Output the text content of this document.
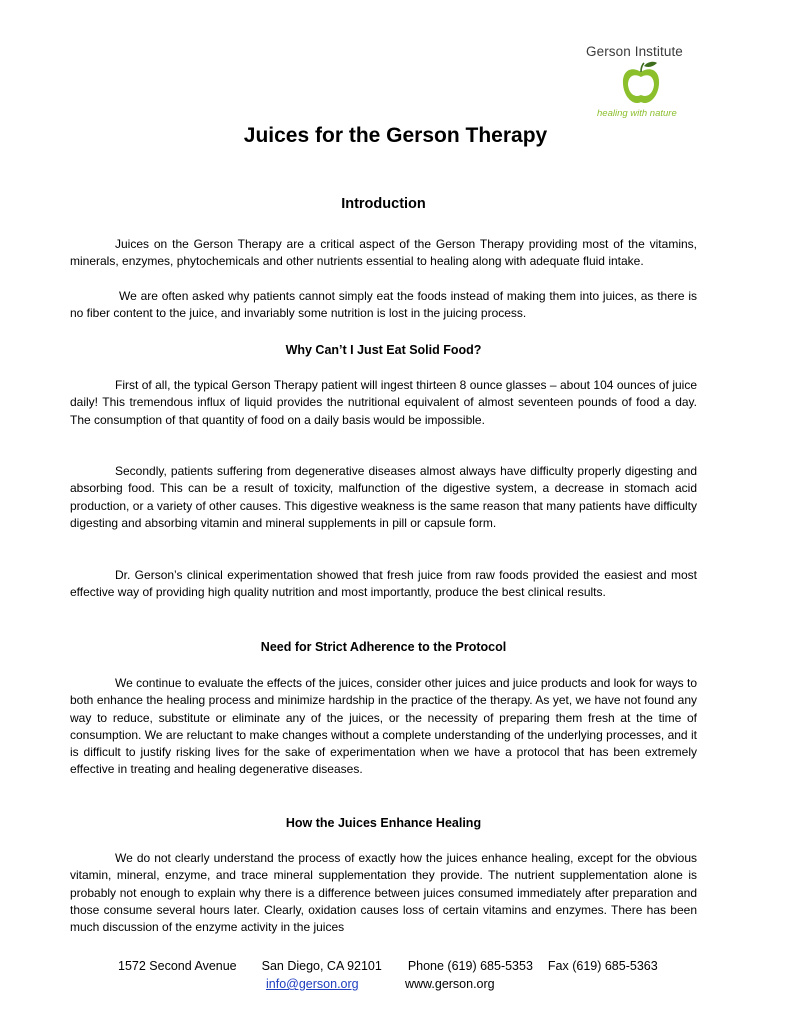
Gerson Institute
healing with nature
Juices for the Gerson Therapy
Introduction
Juices on the Gerson Therapy are a critical aspect of the Gerson Therapy providing most of the vitamins, minerals, enzymes, phytochemicals and other nutrients essential to healing along with adequate fluid intake.
We are often asked why patients cannot simply eat the foods instead of making them into juices, as there is no fiber content to the juice, and invariably some nutrition is lost in the juicing process.
Why Can’t I Just Eat Solid Food?
First of all, the typical Gerson Therapy patient will ingest thirteen 8 ounce glasses – about 104 ounces of juice daily! This tremendous influx of liquid provides the nutritional equivalent of almost seventeen pounds of food a day. The consumption of that quantity of food on a daily basis would be impossible.
Secondly, patients suffering from degenerative diseases almost always have difficulty properly digesting and absorbing food. This can be a result of toxicity, malfunction of the digestive system, a decrease in stomach acid production, or a variety of other causes. This digestive weakness is the same reason that many patients have difficulty digesting and absorbing vitamin and mineral supplements in pill or capsule form.
Dr. Gerson’s clinical experimentation showed that fresh juice from raw foods provided the easiest and most effective way of providing high quality nutrition and most importantly, produce the best clinical results.
Need for Strict Adherence to the Protocol
We continue to evaluate the effects of the juices, consider other juices and juice products and look for ways to both enhance the healing process and minimize hardship in the practice of the therapy. As yet, we have not found any way to reduce, substitute or eliminate any of the juices, or the necessity of preparing them fresh at the time of consumption. We are reluctant to make changes without a complete understanding of the underlying processes, and it is difficult to justify risking lives for the sake of experimentation when we have a protocol that has been extremely effective in treating and healing degenerative diseases.
How the Juices Enhance Healing
We do not clearly understand the process of exactly how the juices enhance healing, except for the obvious vitamin, mineral, enzyme, and trace mineral supplementation they provide. The nutrient supplementation alone is probably not enough to explain why there is a difference between juices consumed immediately after preparation and those consume several hours later. Clearly, oxidation causes loss of certain vitamins and enzymes. There has been much discussion of the enzyme activity in the juices
1572 Second Avenue San Diego, CA 92101 Phone (619) 685-5353 Fax (619) 685-5363
info@gerson.org	www.gerson.org
